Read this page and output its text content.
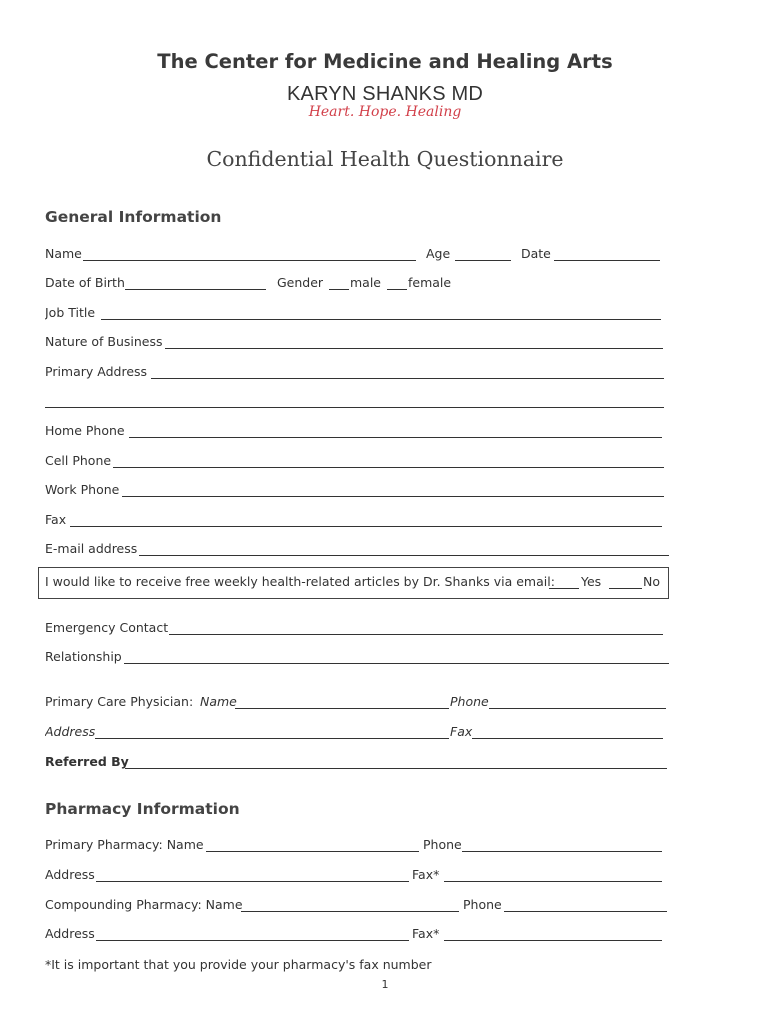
The Center for Medicine and Healing Arts
KARYN SHANKS MD
Heart. Hope. Healing
Confidential Health Questionnaire
General Information
Name	Age	Date
Date of Birth	Gender male female
Job Title
Nature of Business
Primary Address
Home Phone
Cell Phone
Work Phone
Fax
E-mail address
I would like to receive free weekly health-related articles by Dr. Shanks via email: Yes	No
Emergency Contact
Relationship
Primary Care Physician: Name	Phone
Address	Fax
Referred By
Pharmacy Information
Primary Pharmacy: Name	Phone
Address	Fax*
Compounding Pharmacy: Name	Phone
Address	Fax*
*It is important that you provide your pharmacy's fax number
1
